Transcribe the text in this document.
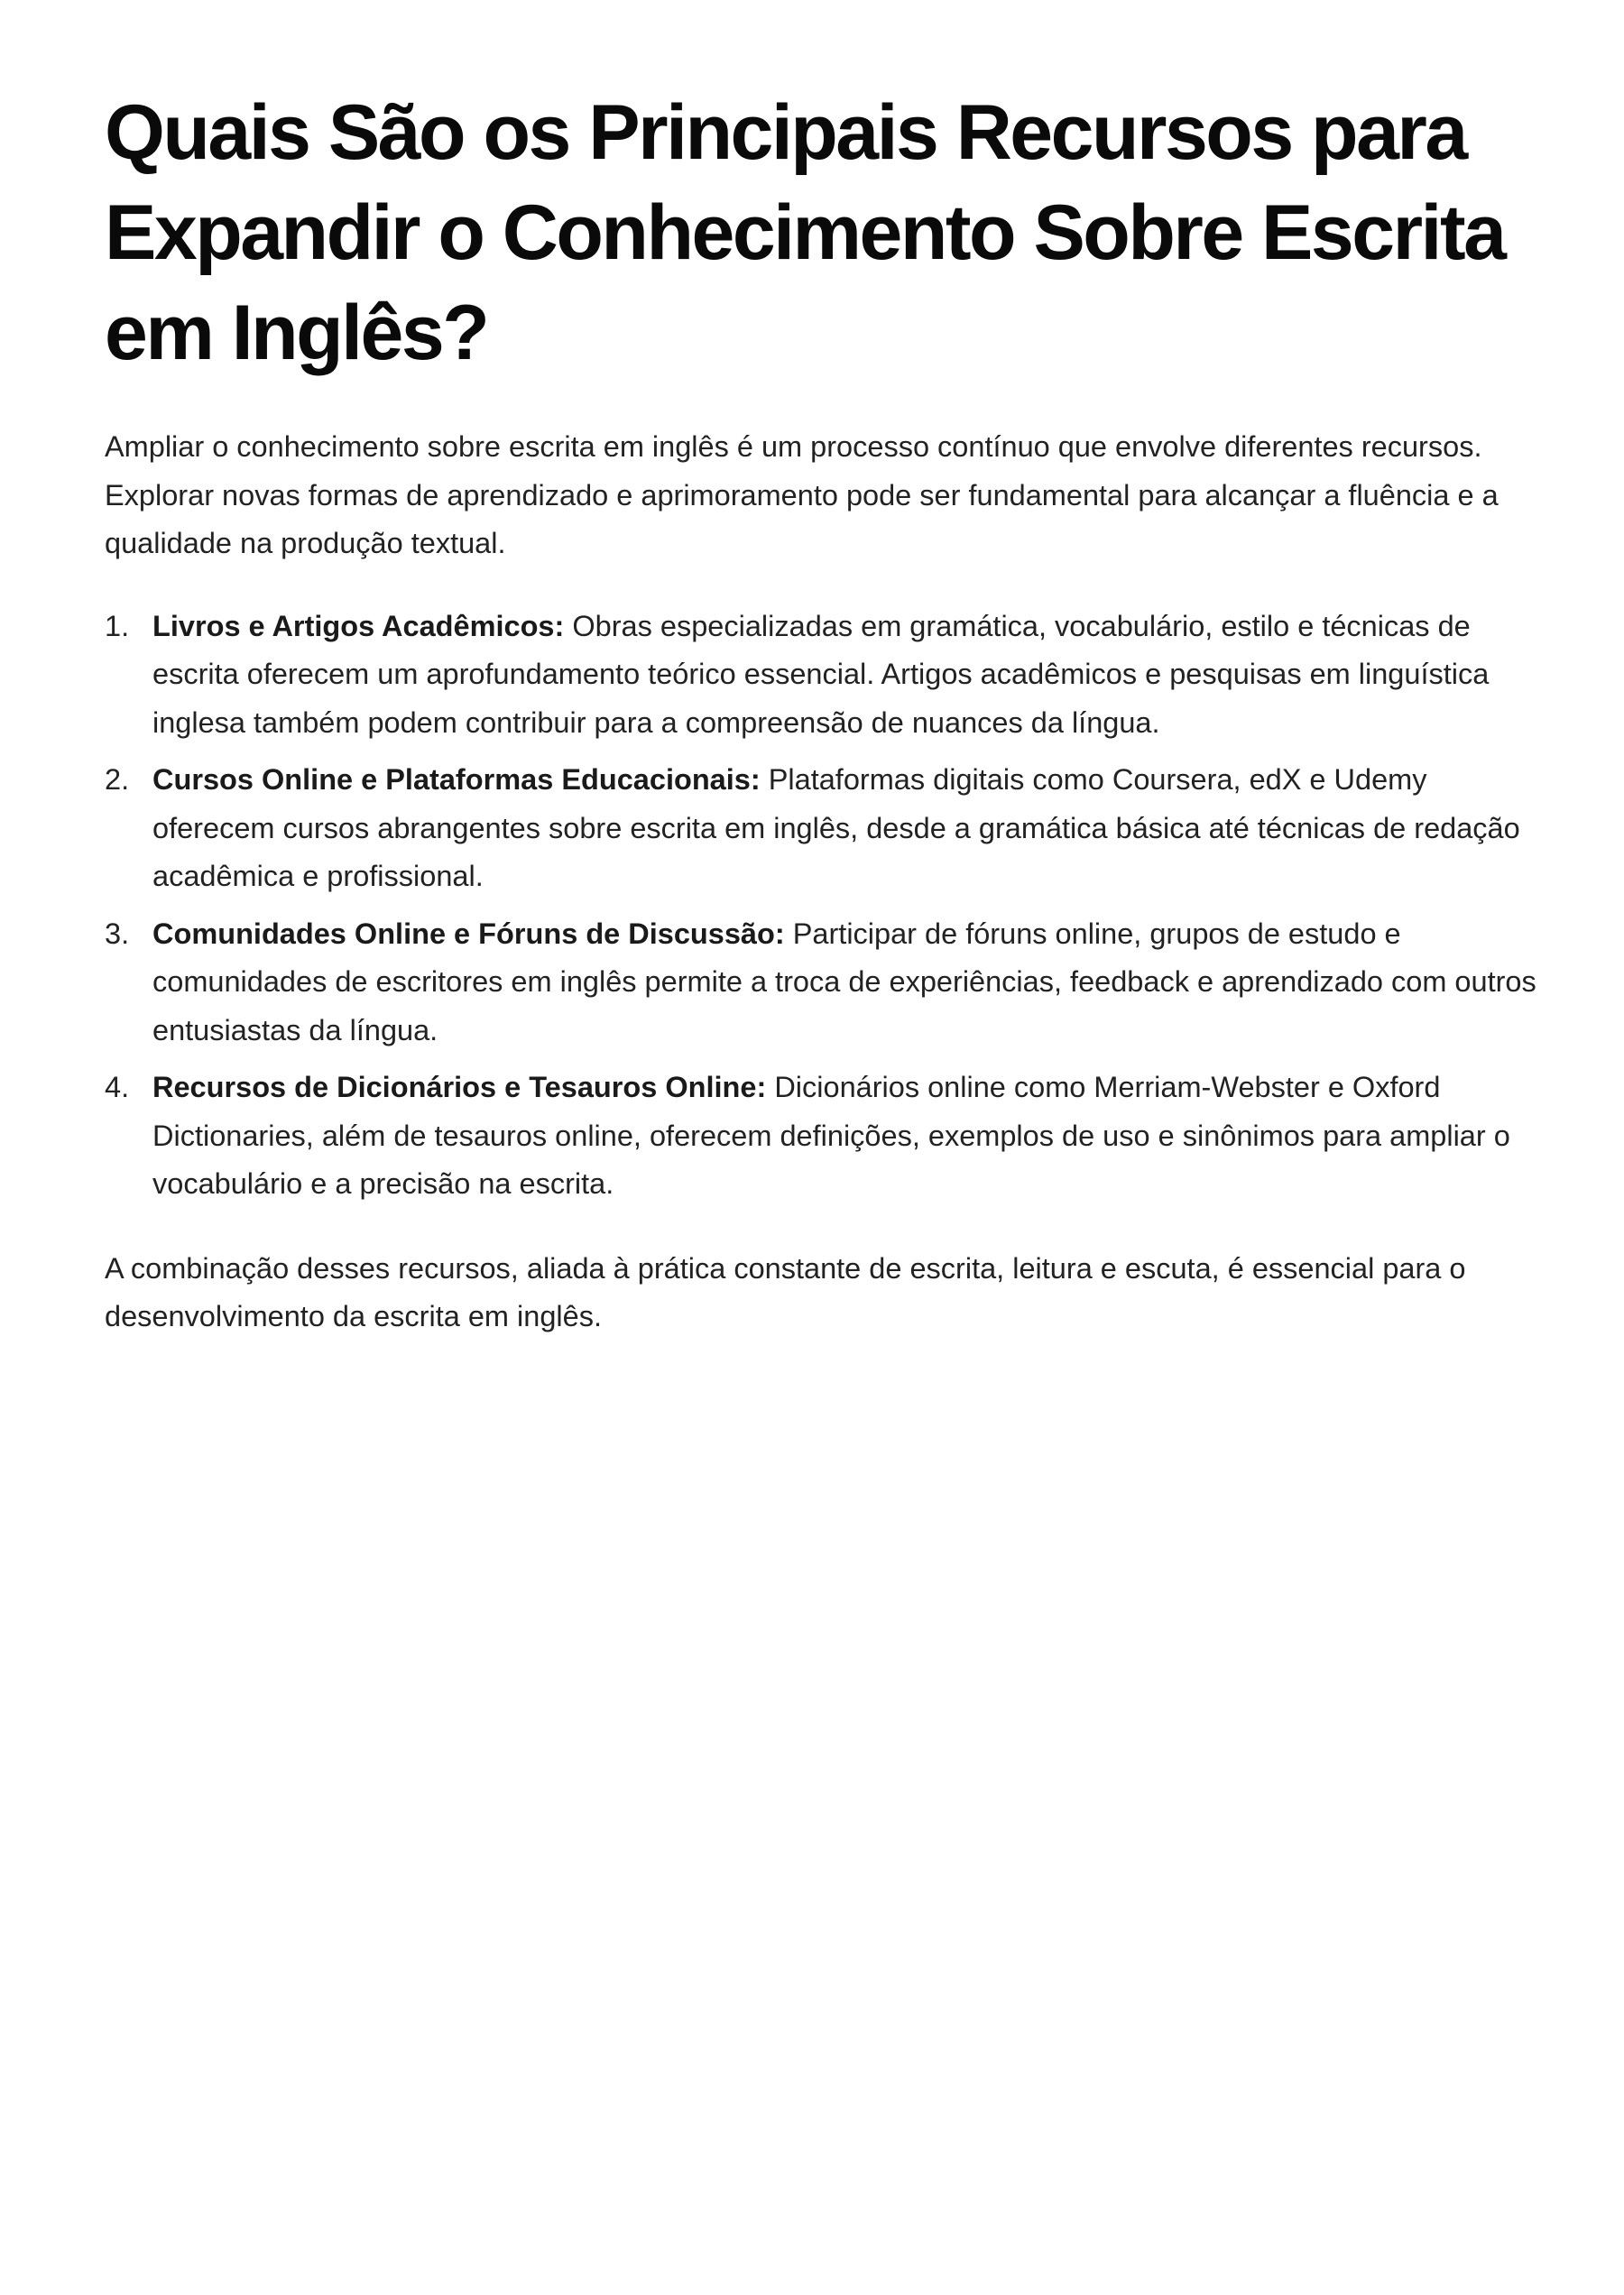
Quais São os Principais Recursos para Expandir o Conhecimento Sobre Escrita em Inglês?

Ampliar o conhecimento sobre escrita em inglês é um processo contínuo que envolve diferentes recursos. Explorar novas formas de aprendizado e aprimoramento pode ser fundamental para alcançar a fluência e a qualidade na produção textual.

1. Livros e Artigos Acadêmicos: Obras especializadas em gramática, vocabulário, estilo e técnicas de escrita oferecem um aprofundamento teórico essencial. Artigos acadêmicos e pesquisas em linguística inglesa também podem contribuir para a compreensão de nuances da língua.
2. Cursos Online e Plataformas Educacionais: Plataformas digitais como Coursera, edX e Udemy oferecem cursos abrangentes sobre escrita em inglês, desde a gramática básica até técnicas de redação acadêmica e profissional.
3. Comunidades Online e Fóruns de Discussão: Participar de fóruns online, grupos de estudo e comunidades de escritores em inglês permite a troca de experiências, feedback e aprendizado com outros entusiastas da língua.
4. Recursos de Dicionários e Tesauros Online: Dicionários online como Merriam-Webster e Oxford Dictionaries, além de tesauros online, oferecem definições, exemplos de uso e sinônimos para ampliar o vocabulário e a precisão na escrita.

A combinação desses recursos, aliada à prática constante de escrita, leitura e escuta, é essencial para o desenvolvimento da escrita em inglês.
